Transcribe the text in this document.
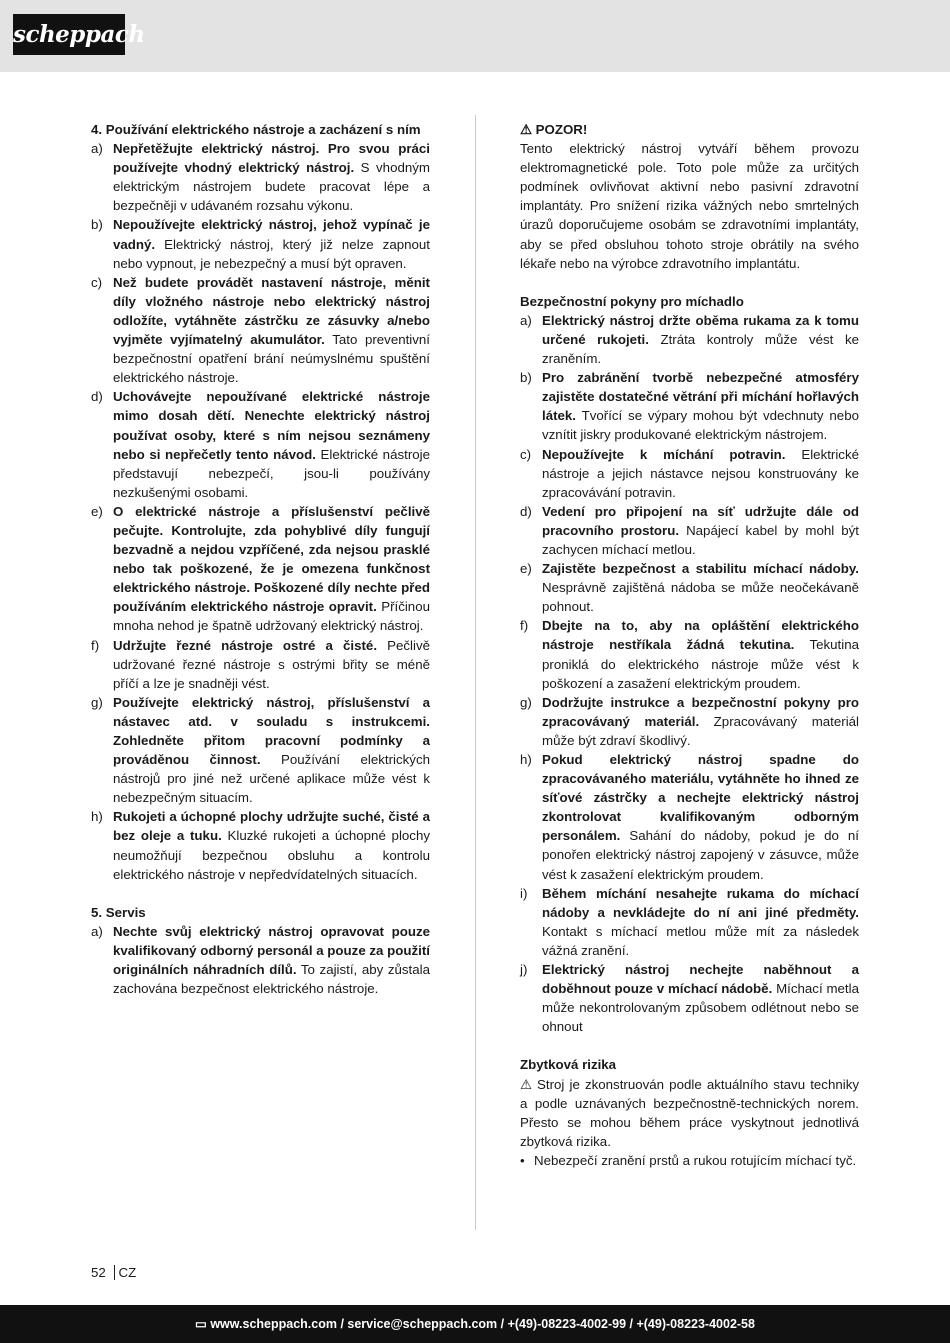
scheppach
4. Používání elektrického nástroje a zacházení s ním
a) Nepřetěžujte elektrický nástroj. Pro svou práci používejte vhodný elektrický nástroj. S vhodným elektrickým nástrojem budete pracovat lépe a bezpečněji v udávaném rozsahu výkonu.
b) Nepoužívejte elektrický nástroj, jehož vypínač je vadný. Elektrický nástroj, který již nelze zapnout nebo vypnout, je nebezpečný a musí být opraven.
c) Než budete provádět nastavení nástroje, měnit díly vložného nástroje nebo elektrický nástroj odložíte, vytáhněte zástrčku ze zásuvky a/nebo vyjměte vyjímatelný akumulátor. Tato preventivní bezpečnostní opatření brání neúmyslnému spuštění elektrického nástroje.
d) Uchovávejte nepoužívané elektrické nástroje mimo dosah dětí. Nenechte elektrický nástroj používat osoby, které s ním nejsou seznámeny nebo si nepřečetly tento návod. Elektrické nástroje představují nebezpečí, jsou-li používány nezkušenými osobami.
e) O elektrické nástroje a příslušenství pečlivě pečujte. Kontrolujte, zda pohyblivé díly fungují bezvadně a nejdou vzpříčené, zda nejsou prasklé nebo tak poškozené, že je omezena funkčnost elektrického nástroje. Poškozené díly nechte před používáním elektrického nástroje opravit. Příčinou mnoha nehod je špatně udržovaný elektrický nástroj.
f) Udržujte řezné nástroje ostré a čisté. Pečlivě udržované řezné nástroje s ostrými břity se méně příčí a lze je snadněji vést.
g) Používejte elektrický nástroj, příslušenství a nástavec atd. v souladu s instrukcemi. Zohledněte přitom pracovní podmínky a prováděnou činnost. Používání elektrických nástrojů pro jiné než určené aplikace může vést k nebezpečným situacím.
h) Rukojeti a úchopné plochy udržujte suché, čisté a bez oleje a tuku. Kluzké rukojeti a úchopné plochy neumožňují bezpečnou obsluhu a kontrolu elektrického nástroje v nepředvídatelných situacích.
5. Servis
a) Nechte svůj elektrický nástroj opravovat pouze kvalifikovaný odborný personál a pouze za použití originálních náhradních dílů. To zajistí, aby zůstala zachována bezpečnost elektrického nástroje.
⚠ POZOR!
Tento elektrický nástroj vytváří během provozu elektromagnetické pole. Toto pole může za určitých podmínek ovlivňovat aktivní nebo pasivní zdravotní implantáty. Pro snížení rizika vážných nebo smrtelných úrazů doporučujeme osobám se zdravotními implantáty, aby se před obsluhou tohoto stroje obrátily na svého lékaře nebo na výrobce zdravotního implantátu.
Bezpečnostní pokyny pro míchadlo
a) Elektrický nástroj držte oběma rukama za k tomu určené rukojeti. Ztráta kontroly může vést ke zraněním.
b) Pro zabránění tvorbě nebezpečné atmosféry zajistěte dostatečné větrání při míchání hořlavých látek. Tvořící se výpary mohou být vdechnuty nebo vznítit jiskry produkované elektrickým nástrojem.
c) Nepoužívejte k míchání potravin. Elektrické nástroje a jejich nástavce nejsou konstruovány ke zpracovávání potravin.
d) Vedení pro připojení na síť udržujte dále od pracovního prostoru. Napájecí kabel by mohl být zachycen míchací metlou.
e) Zajistěte bezpečnost a stabilitu míchací nádoby. Nesprávně zajištěná nádoba se může neočekávaně pohnout.
f) Dbejte na to, aby na opláštění elektrického nástroje nestříkala žádná tekutina. Tekutina proniklá do elektrického nástroje může vést k poškození a zasažení elektrickým proudem.
g) Dodržujte instrukce a bezpečnostní pokyny pro zpracovávaný materiál. Zpracovávaný materiál může být zdraví škodlivý.
h) Pokud elektrický nástroj spadne do zpracovávaného materiálu, vytáhněte ho ihned ze síťové zástrčky a nechejte elektrický nástroj zkontrolovat kvalifikovaným odborným personálem. Sahání do nádoby, pokud je do ní ponořen elektrický nástroj zapojený v zásuvce, může vést k zasažení elektrickým proudem.
i) Během míchání nesahejte rukama do míchací nádoby a nevkládejte do ní ani jiné předměty. Kontakt s míchací metlou může mít za následek vážná zranění.
j) Elektrický nástroj nechejte naběhnout a doběhnout pouze v míchací nádobě. Míchací metla může nekontrolovaným způsobem odlétnout nebo se ohnout
Zbytková rizika
⚠ Stroj je zkonstruován podle aktuálního stavu techniky a podle uznávaných bezpečnostně-technických norem. Přesto se mohou během práce vyskytnout jednotlivá zbytková rizika.
• Nebezpečí zranění prstů a rukou rotujícím míchací tyč.
52 CZ
▭ www.scheppach.com / service@scheppach.com / +(49)-08223-4002-99 / +(49)-08223-4002-58
